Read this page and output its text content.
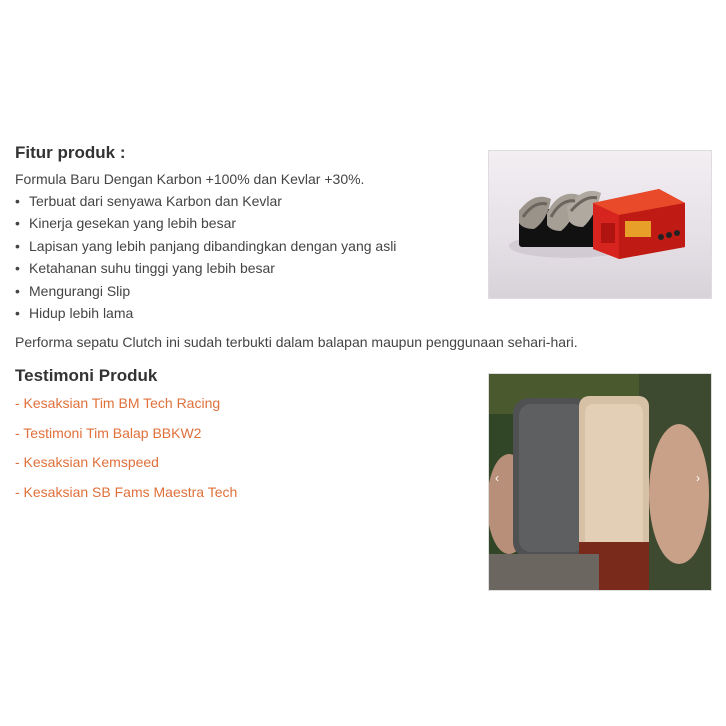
Fitur produk :
Formula Baru Dengan Karbon +100% dan Kevlar +30%.
• Terbuat dari senyawa Karbon dan Kevlar
• Kinerja gesekan yang lebih besar
• Lapisan yang lebih panjang dibandingkan dengan yang asli
• Ketahanan suhu tinggi yang lebih besar
• Mengurangi Slip
• Hidup lebih lama
Performa sepatu Clutch ini sudah terbukti dalam balapan maupun penggunaan sehari-hari.
Testimoni Produk
- Kesaksian Tim BM Tech Racing
- Testimoni Tim Balap BBKW2
- Kesaksian Kemspeed
- Kesaksian SB Fams Maestra Tech
‹	›
